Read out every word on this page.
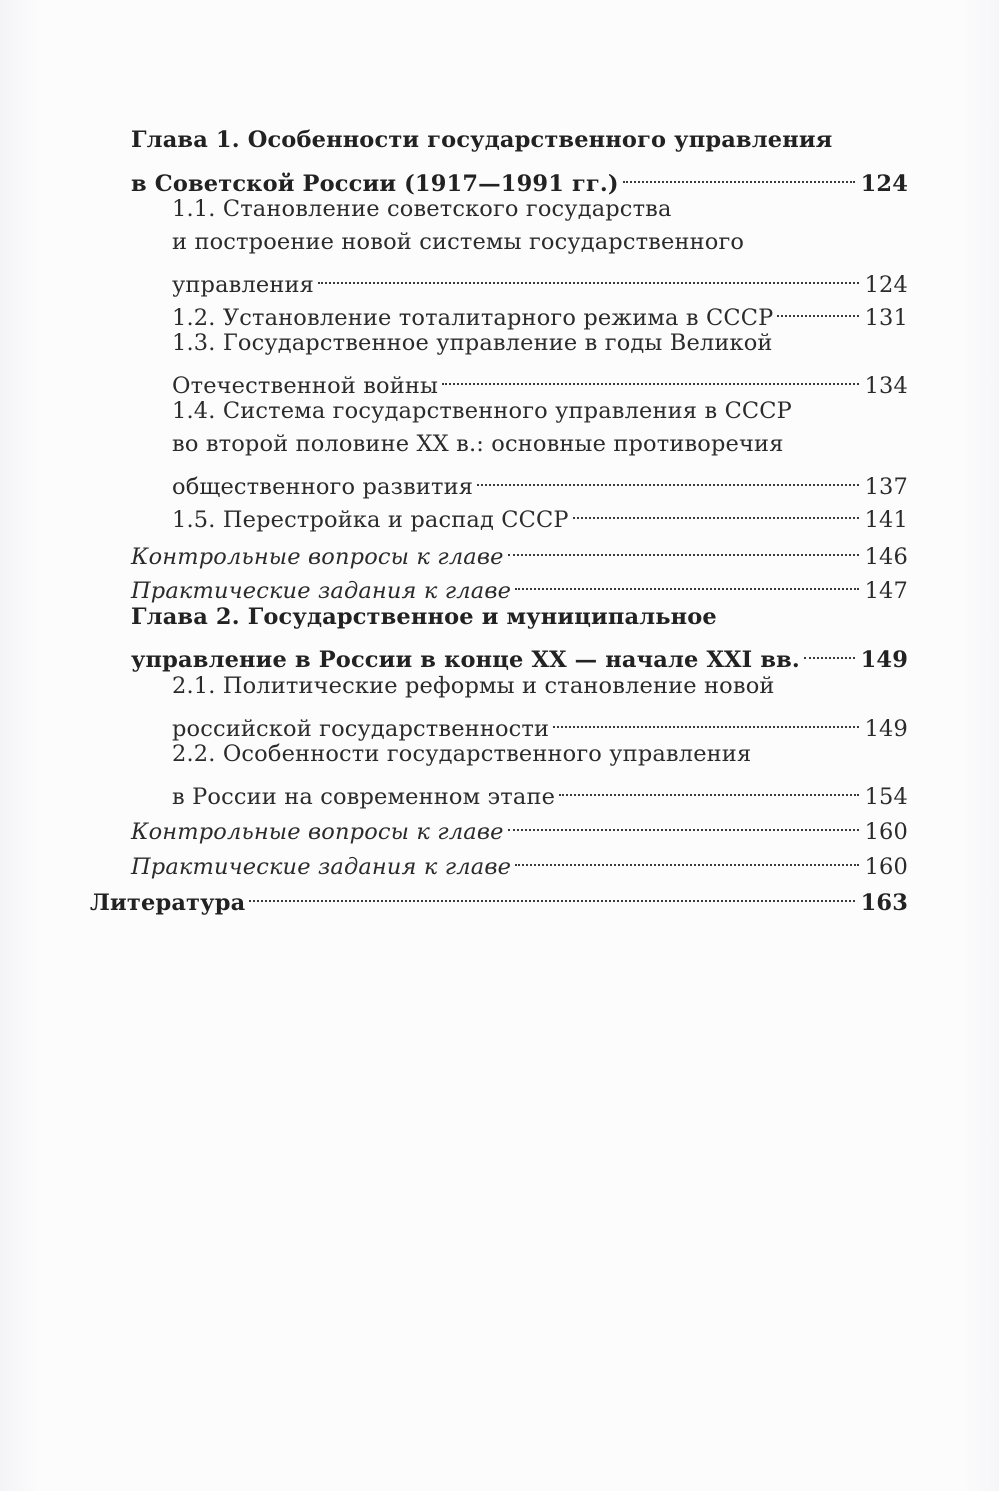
Глава 1. Особенности государственного управления
в Советской России (1917—1991 гг.)	124
1.1. Становление советского государства
и построение новой системы государственного
управления	124
1.2. Установление тоталитарного режима в СССР	131
1.3. Государственное управление в годы Великой
Отечественной войны	134
1.4. Система государственного управления в СССР
во второй половине XX в.: основные противоречия
общественного развития	137
1.5. Перестройка и распад СССР	141
Контрольные вопросы к главе	146
Практические задания к главе	147
Глава 2. Государственное и муниципальное
управление в России в конце XX — начале XXI вв.	149
2.1. Политические реформы и становление новой
российской государственности	149
2.2. Особенности государственного управления
в России на современном этапе	154
Контрольные вопросы к главе	160
Практические задания к главе	160
Литература	163
